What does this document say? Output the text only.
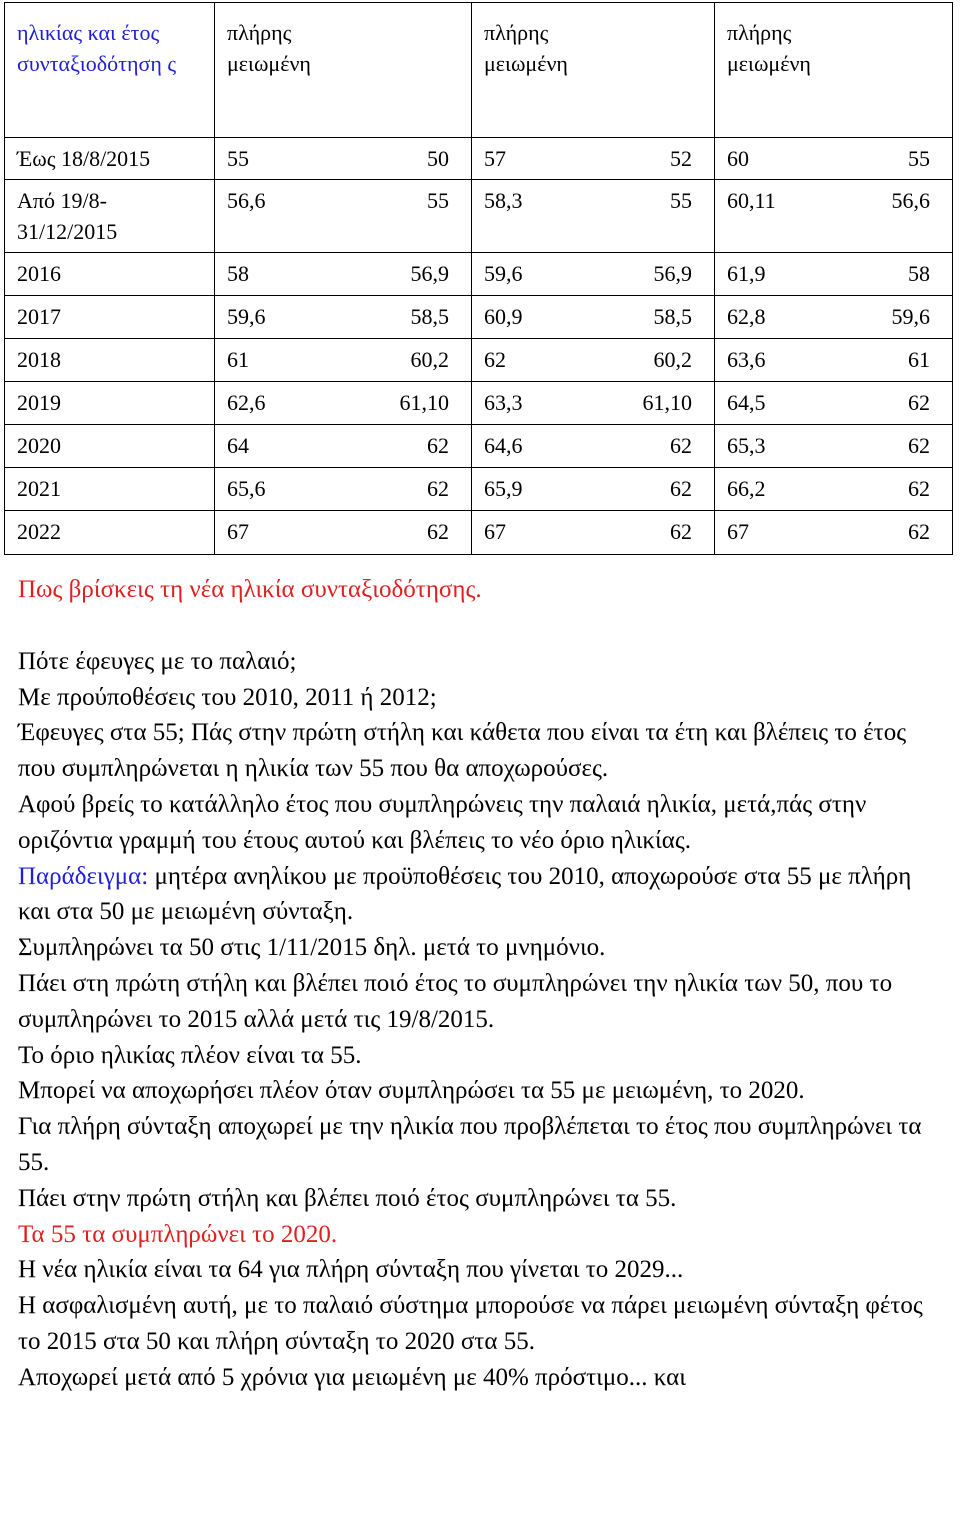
ηλικίας και έτος συνταξιοδότηση ς	πλήρης μειωμένη	πλήρης μειωμένη	πλήρης μειωμένη

Έως 18/8/2015	55 50	57 52	60 55

Από 19/8-31/12/2015	56,6 55	58,3 55	60,11 56,6

2016	58 56,9	59,6 56,9	61,9 58

2017	59,6 58,5	60,9 58,5	62,8 59,6

2018	61 60,2	62 60,2	63,6 61

2019	62,6 61,10	63,3 61,10	64,5 62

2020	64 62	64,6 62	65,3 62

2021	65,6 62	65,9 62	66,2 62

2022	67 62	67 62	67 62

Πως βρίσκεις τη νέα ηλικία συνταξιοδότησης.

Πότε έφευγες με το παλαιό;

Με προύποθέσεις του 2010, 2011 ή 2012;

Έφευγες στα 55; Πάς στην πρώτη στήλη και κάθετα που είναι τα έτη και βλέπεις το έτος που συμπληρώνεται η ηλικία των 55 που θα αποχωρούσες.

Αφού βρείς το κατάλληλο έτος που συμπληρώνεις την παλαιά ηλικία, μετά,πάς στην οριζόντια γραμμή του έτους αυτού και βλέπεις το νέο όριο ηλικίας.

Παράδειγμα: μητέρα ανηλίκου με προϋποθέσεις του 2010, αποχωρούσε στα 55 με πλήρη και στα 50 με μειωμένη σύνταξη.

Συμπληρώνει τα 50 στις 1/11/2015 δηλ. μετά το μνημόνιο.

Πάει στη πρώτη στήλη και βλέπει ποιό έτος το συμπληρώνει την ηλικία των 50, που το συμπληρώνει το 2015 αλλά μετά τις 19/8/2015.

Το όριο ηλικίας πλέον είναι τα 55.

Μπορεί να αποχωρήσει πλέον όταν συμπληρώσει τα 55 με μειωμένη, το 2020.

Για πλήρη σύνταξη αποχωρεί με την ηλικία που προβλέπεται το έτος που συμπληρώνει τα 55.

Πάει στην πρώτη στήλη και βλέπει ποιό έτος συμπληρώνει τα 55.

Τα 55 τα συμπληρώνει το 2020.

Η νέα ηλικία είναι τα 64 για πλήρη σύνταξη που γίνεται το 2029...

Η ασφαλισμένη αυτή, με το παλαιό σύστημα μπορούσε να πάρει μειωμένη σύνταξη φέτος το 2015 στα 50 και πλήρη σύνταξη το 2020 στα 55.

Αποχωρεί μετά από 5 χρόνια για μειωμένη με 40% πρόστιμο... και
